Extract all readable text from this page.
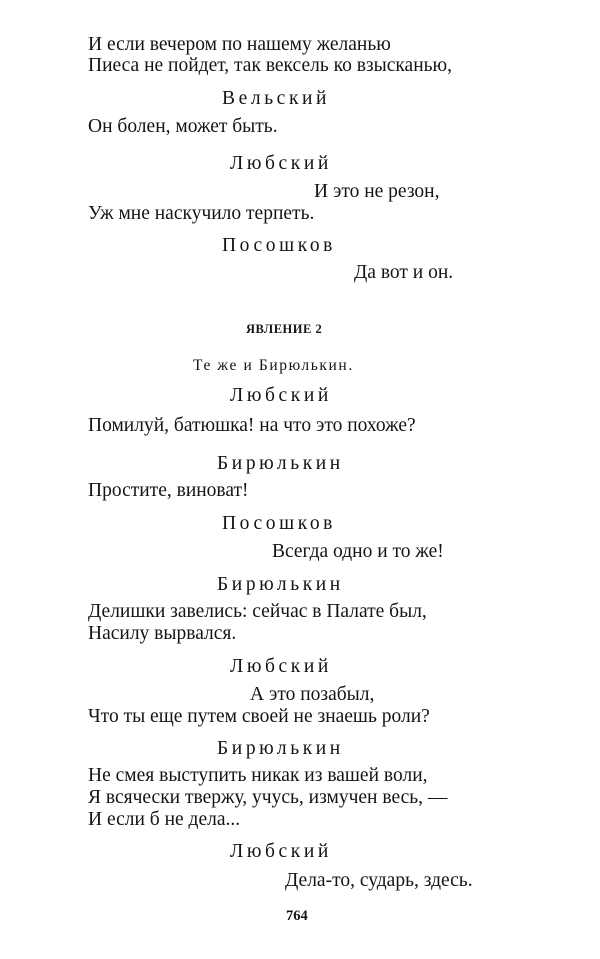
И если вечером по нашему желанью
Пиеса не пойдет, так вексель ко взысканью,
Вельский
Он болен, может быть.
Любский
И это не резон,
Уж мне наскучило терпеть.
Посошков
Да вот и он.
ЯВЛЕНИЕ 2
Те же и Бирюлькин.
Любский
Помилуй, батюшка! на что это похоже?
Бирюлькин
Простите, виноват!
Посошков
Всегда одно и то же!
Бирюлькин
Делишки завелись: сейчас в Палате был,
Насилу вырвался.
Любский
А это позабыл,
Что ты еще путем своей не знаешь роли?
Бирюлькин
Не смея выступить никак из вашей воли,
Я всячески твержу, учусь, измучен весь, —
И если б не дела...
Любский
Дела-то, сударь, здесь.
764
